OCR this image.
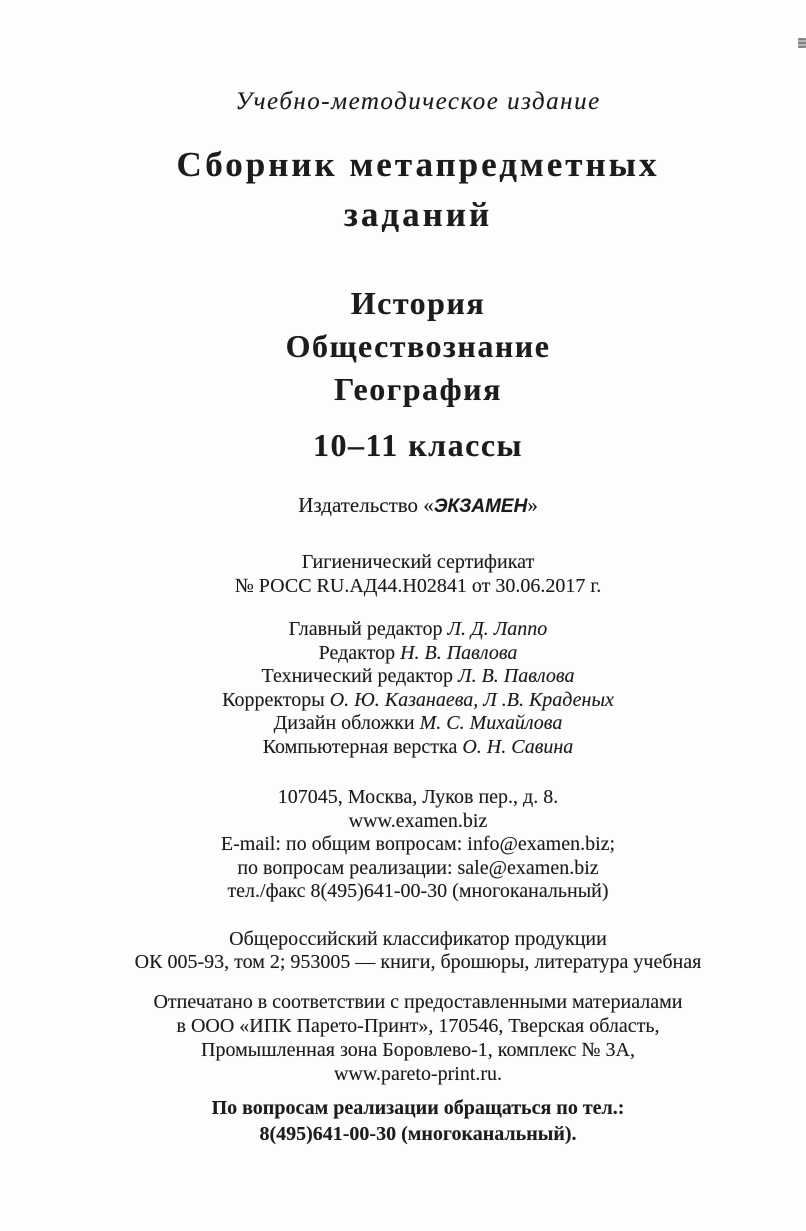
Учебно-методическое издание
Сборник метапредметных
заданий
История
Обществознание
География
10–11 классы
Издательство «ЭКЗАМЕН»
Гигиенический сертификат
№ РОСС RU.АД44.Н02841 от 30.06.2017 г.
Главный редактор Л. Д. Лаппо
Редактор Н. В. Павлова
Технический редактор Л. В. Павлова
Корректоры О. Ю. Казанаева, Л .В. Краденых
Дизайн обложки М. С. Михайлова
Компьютерная верстка О. Н. Савина
107045, Москва, Луков пер., д. 8.
www.examen.biz
E-mail: по общим вопросам: info@examen.biz;
по вопросам реализации: sale@examen.biz
тел./факс 8(495)641-00-30 (многоканальный)
Общероссийский классификатор продукции
ОК 005-93, том 2; 953005 — книги, брошюры, литература учебная
Отпечатано в соответствии с предоставленными материалами
в ООО «ИПК Парето-Принт», 170546, Тверская область,
Промышленная зона Боровлево-1, комплекс № 3А,
www.pareto-print.ru.
По вопросам реализации обращаться по тел.:
8(495)641-00-30 (многоканальный).
